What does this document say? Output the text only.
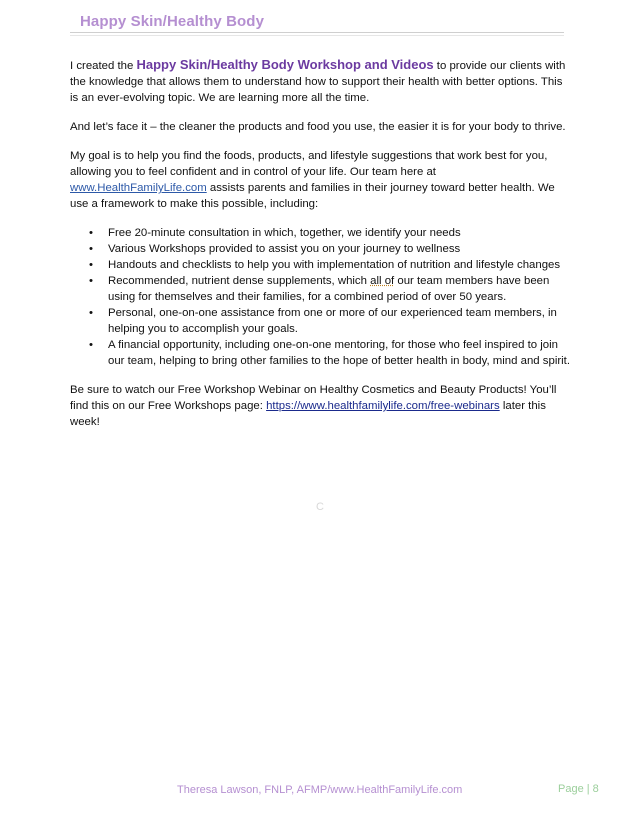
Happy Skin/Healthy Body

I created the Happy Skin/Healthy Body Workshop and Videos to provide our clients with the knowledge that allows them to understand how to support their health with better options. This is an ever-evolving topic. We are learning more all the time.

And let’s face it – the cleaner the products and food you use, the easier it is for your body to thrive.

My goal is to help you find the foods, products, and lifestyle suggestions that work best for you, allowing you to feel confident and in control of your life. Our team here at www.HealthFamilyLife.com assists parents and families in their journey toward better health. We use a framework to make this possible, including:

• Free 20-minute consultation in which, together, we identify your needs
• Various Workshops provided to assist you on your journey to wellness
• Handouts and checklists to help you with implementation of nutrition and lifestyle changes
• Recommended, nutrient dense supplements, which all of our team members have been using for themselves and their families, for a combined period of over 50 years.
• Personal, one-on-one assistance from one or more of our experienced team members, in helping you to accomplish your goals.
• A financial opportunity, including one-on-one mentoring, for those who feel inspired to join our team, helping to bring other families to the hope of better health in body, mind and spirit.

Be sure to watch our Free Workshop Webinar on Healthy Cosmetics and Beauty Products! You’ll find this on our Free Workshops page: https://www.healthfamilylife.com/free-webinars later this week!

C
Theresa Lawson, FNLP, AFMP/www.HealthFamilyLife.com	Page | 8
